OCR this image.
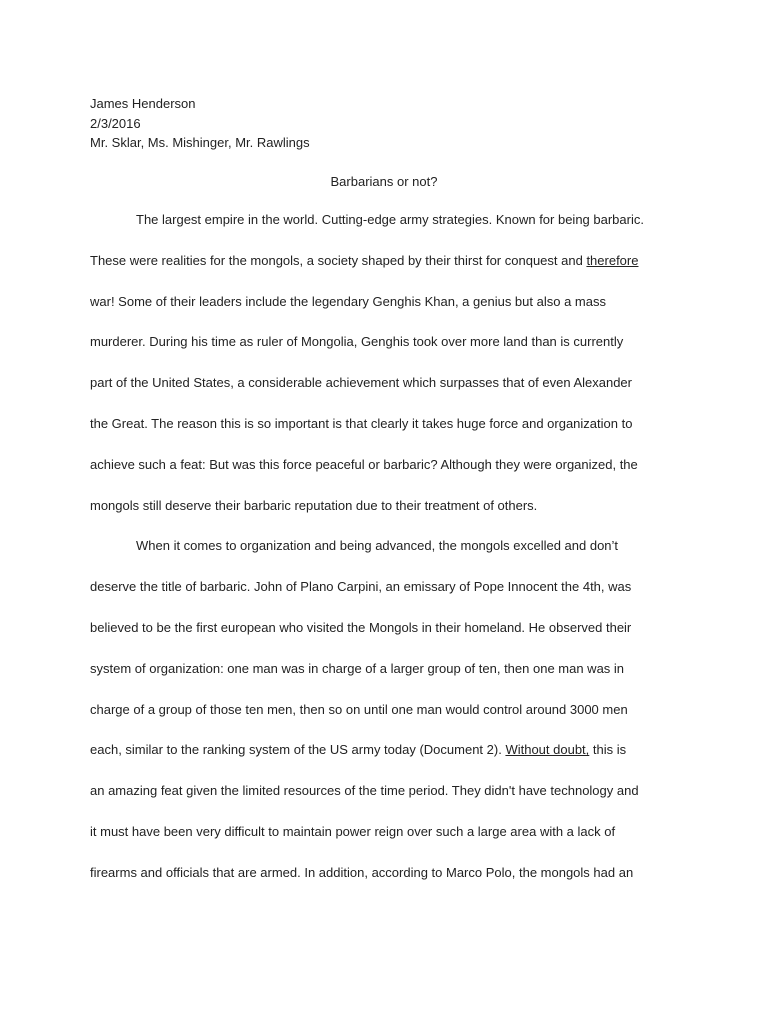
James Henderson
2/3/2016
Mr. Sklar, Ms. Mishinger, Mr. Rawlings
Barbarians or not?
The largest empire in the world. Cutting-edge army strategies. Known for being barbaric.
These were realities for the mongols, a society shaped by their thirst for conquest and therefore
war! Some of their leaders include the legendary Genghis Khan, a genius but also a mass
murderer. During his time as ruler of Mongolia, Genghis took over more land than is currently
part of the United States, a considerable achievement which surpasses that of even Alexander
the Great. The reason this is so important is that clearly it takes huge force and organization to
achieve such a feat: But was this force peaceful or barbaric? Although they were organized, the
mongols still deserve their barbaric reputation due to their treatment of others.
When it comes to organization and being advanced, the mongols excelled and don’t
deserve the title of barbaric. John of Plano Carpini, an emissary of Pope Innocent the 4th, was
believed to be the first european who visited the Mongols in their homeland. He observed their
system of organization: one man was in charge of a larger group of ten, then one man was in
charge of a group of those ten men, then so on until one man would control around 3000 men
each, similar to the ranking system of the US army today (Document 2). Without doubt, this is
an amazing feat given the limited resources of the time period. They didn't have technology and
it must have been very difficult to maintain power reign over such a large area with a lack of
firearms and officials that are armed. In addition, according to Marco Polo, the mongols had an
